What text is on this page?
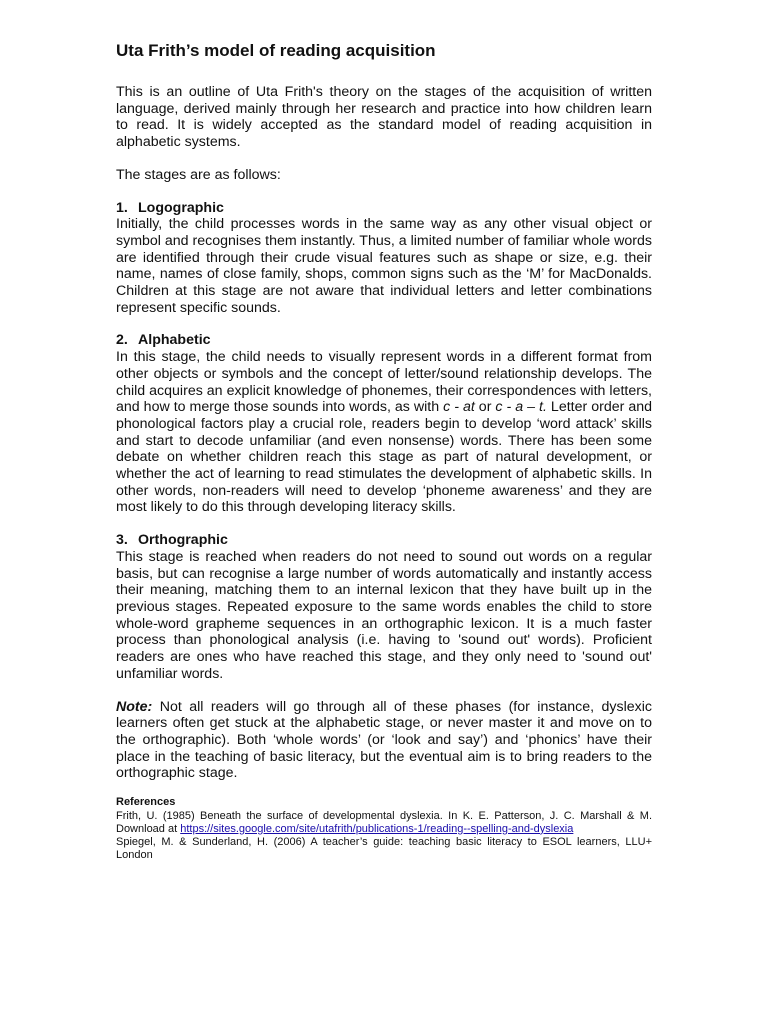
Uta Frith’s model of reading acquisition

This is an outline of Uta Frith's theory on the stages of the acquisition of written language, derived mainly through her research and practice into how children learn to read. It is widely accepted as the standard model of reading acquisition in alphabetic systems.

The stages are as follows:

1. Logographic

Initially, the child processes words in the same way as any other visual object or symbol and recognises them instantly. Thus, a limited number of familiar whole words are identified through their crude visual features such as shape or size, e.g. their name, names of close family, shops, common signs such as the ‘M’ for MacDonalds. Children at this stage are not aware that individual letters and letter combinations represent specific sounds.

2. Alphabetic

In this stage, the child needs to visually represent words in a different format from other objects or symbols and the concept of letter/sound relationship develops. The child acquires an explicit knowledge of phonemes, their correspondences with letters, and how to merge those sounds into words, as with c - at or c - a – t. Letter order and phonological factors play a crucial role, readers begin to develop ‘word attack’ skills and start to decode unfamiliar (and even nonsense) words. There has been some debate on whether children reach this stage as part of natural development, or whether the act of learning to read stimulates the development of alphabetic skills. In other words, non-readers will need to develop ‘phoneme awareness’ and they are most likely to do this through developing literacy skills.

3. Orthographic

This stage is reached when readers do not need to sound out words on a regular basis, but can recognise a large number of words automatically and instantly access their meaning, matching them to an internal lexicon that they have built up in the previous stages. Repeated exposure to the same words enables the child to store whole-word grapheme sequences in an orthographic lexicon. It is a much faster process than phonological analysis (i.e. having to 'sound out' words). Proficient readers are ones who have reached this stage, and they only need to 'sound out' unfamiliar words.

Note: Not all readers will go through all of these phases (for instance, dyslexic learners often get stuck at the alphabetic stage, or never master it and move on to the orthographic). Both ‘whole words’ (or ‘look and say’) and ‘phonics’ have their place in the teaching of basic literacy, but the eventual aim is to bring readers to the orthographic stage.

References

Frith, U. (1985) Beneath the surface of developmental dyslexia. In K. E. Patterson, J. C. Marshall & M. Download at https://sites.google.com/site/utafrith/publications-1/reading--spelling-and-dyslexia

Spiegel, M. & Sunderland, H. (2006) A teacher’s guide: teaching basic literacy to ESOL learners, LLU+ London
